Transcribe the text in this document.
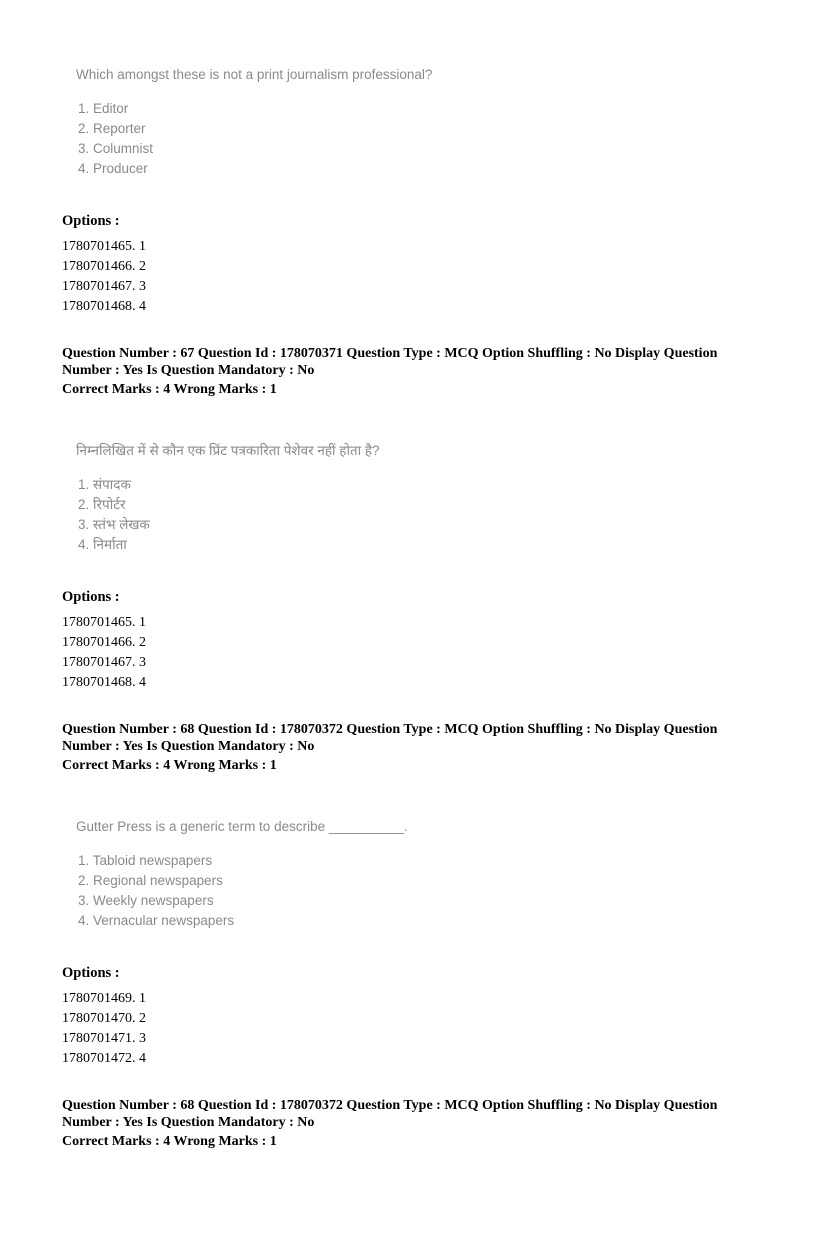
Which amongst these is not a print journalism professional?

1. Editor
2. Reporter
3. Columnist
4. Producer
Options :
1780701465. 1
1780701466. 2
1780701467. 3
1780701468. 4

Question Number : 67 Question Id : 178070371 Question Type : MCQ Option Shuffling : No Display Question Number : Yes Is Question Mandatory : No

Correct Marks : 4 Wrong Marks : 1

निम्नलिखित में से कौन एक प्रिंट पत्रकारिता पेशेवर नहीं होता है?

1. संपादक
2. रिपोर्टर
3. स्तंभ लेखक
4. निर्माता
Options :
1780701465. 1
1780701466. 2
1780701467. 3
1780701468. 4

Question Number : 68 Question Id : 178070372 Question Type : MCQ Option Shuffling : No Display Question Number : Yes Is Question Mandatory : No

Correct Marks : 4 Wrong Marks : 1

Gutter Press is a generic term to describe __________.

1. Tabloid newspapers
2. Regional newspapers
3. Weekly newspapers
4. Vernacular newspapers
Options :
1780701469. 1
1780701470. 2
1780701471. 3
1780701472. 4

Question Number : 68 Question Id : 178070372 Question Type : MCQ Option Shuffling : No Display Question Number : Yes Is Question Mandatory : No

Correct Marks : 4 Wrong Marks : 1
